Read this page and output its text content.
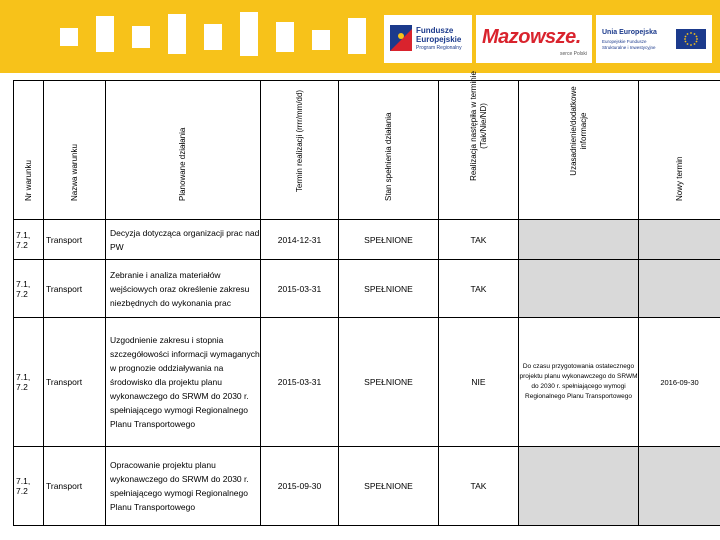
Fundusze
Europejskie
Program Regionalny Mazowsze.
serce Polski
Unia Europejska
Europejskie Fundusze Strukturalne i Inwestycyjne
Nr warunku	Nazwa warunku	Planowane działania	Termin realizacji (rrrr/mm/dd)	Stan spełnienia działania	Realizacja następiła w terminie (Tak/Nie/ND)	Uzasadnienie/dodatkowe informacje	Nowy termin

7.1, 7.2	Transport	Decyzja dotycząca organizacji prac nad PW	2014-12-31	SPEŁNIONE	TAK		
7.1, 7.2	Transport	Zebranie i analiza materiałów wejściowych oraz określenie zakresu niezbędnych do wykonania prac	2015-03-31	SPEŁNIONE	TAK		
7.1, 7.2	Transport	Uzgodnienie zakresu i stopnia szczegółowości informacji wymaganych w prognozie oddziaływania na środowisko dla projektu planu wykonawczego do SRWM do 2030 r. spełniającego wymogi Regionalnego Planu Transportowego	2015-03-31	SPEŁNIONE	NIE	Do czasu przygotowania ostatecznego projektu planu wykonawczego do SRWM do 2030 r. spełniającego wymogi Regionalnego Planu Transportowego	2016-09-30
7.1, 7.2	Transport	Opracowanie projektu planu wykonawczego do SRWM do 2030 r. spełniającego wymogi Regionalnego Planu Transportowego	2015-09-30	SPEŁNIONE	TAK		
